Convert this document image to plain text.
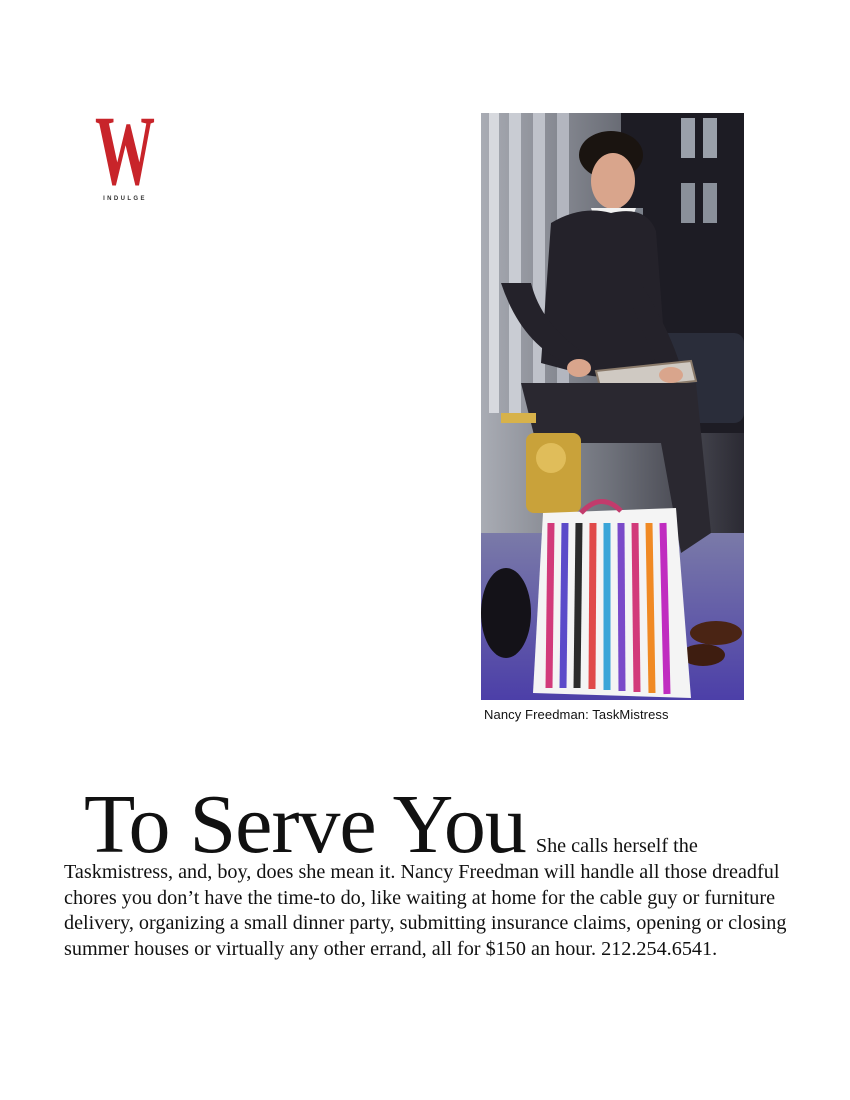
W
INDULGE
Nancy Freedman: TaskMistress

To Serve You She calls herself the Taskmistress, and, boy, does she mean it. Nancy Freedman will handle all those dreadful chores you don’t have the time-to do, like waiting at home for the cable guy or furniture delivery, organizing a small dinner party, submitting insurance claims, opening or closing summer houses or virtually any other errand, all for $150 an hour. 212.254.6541.
